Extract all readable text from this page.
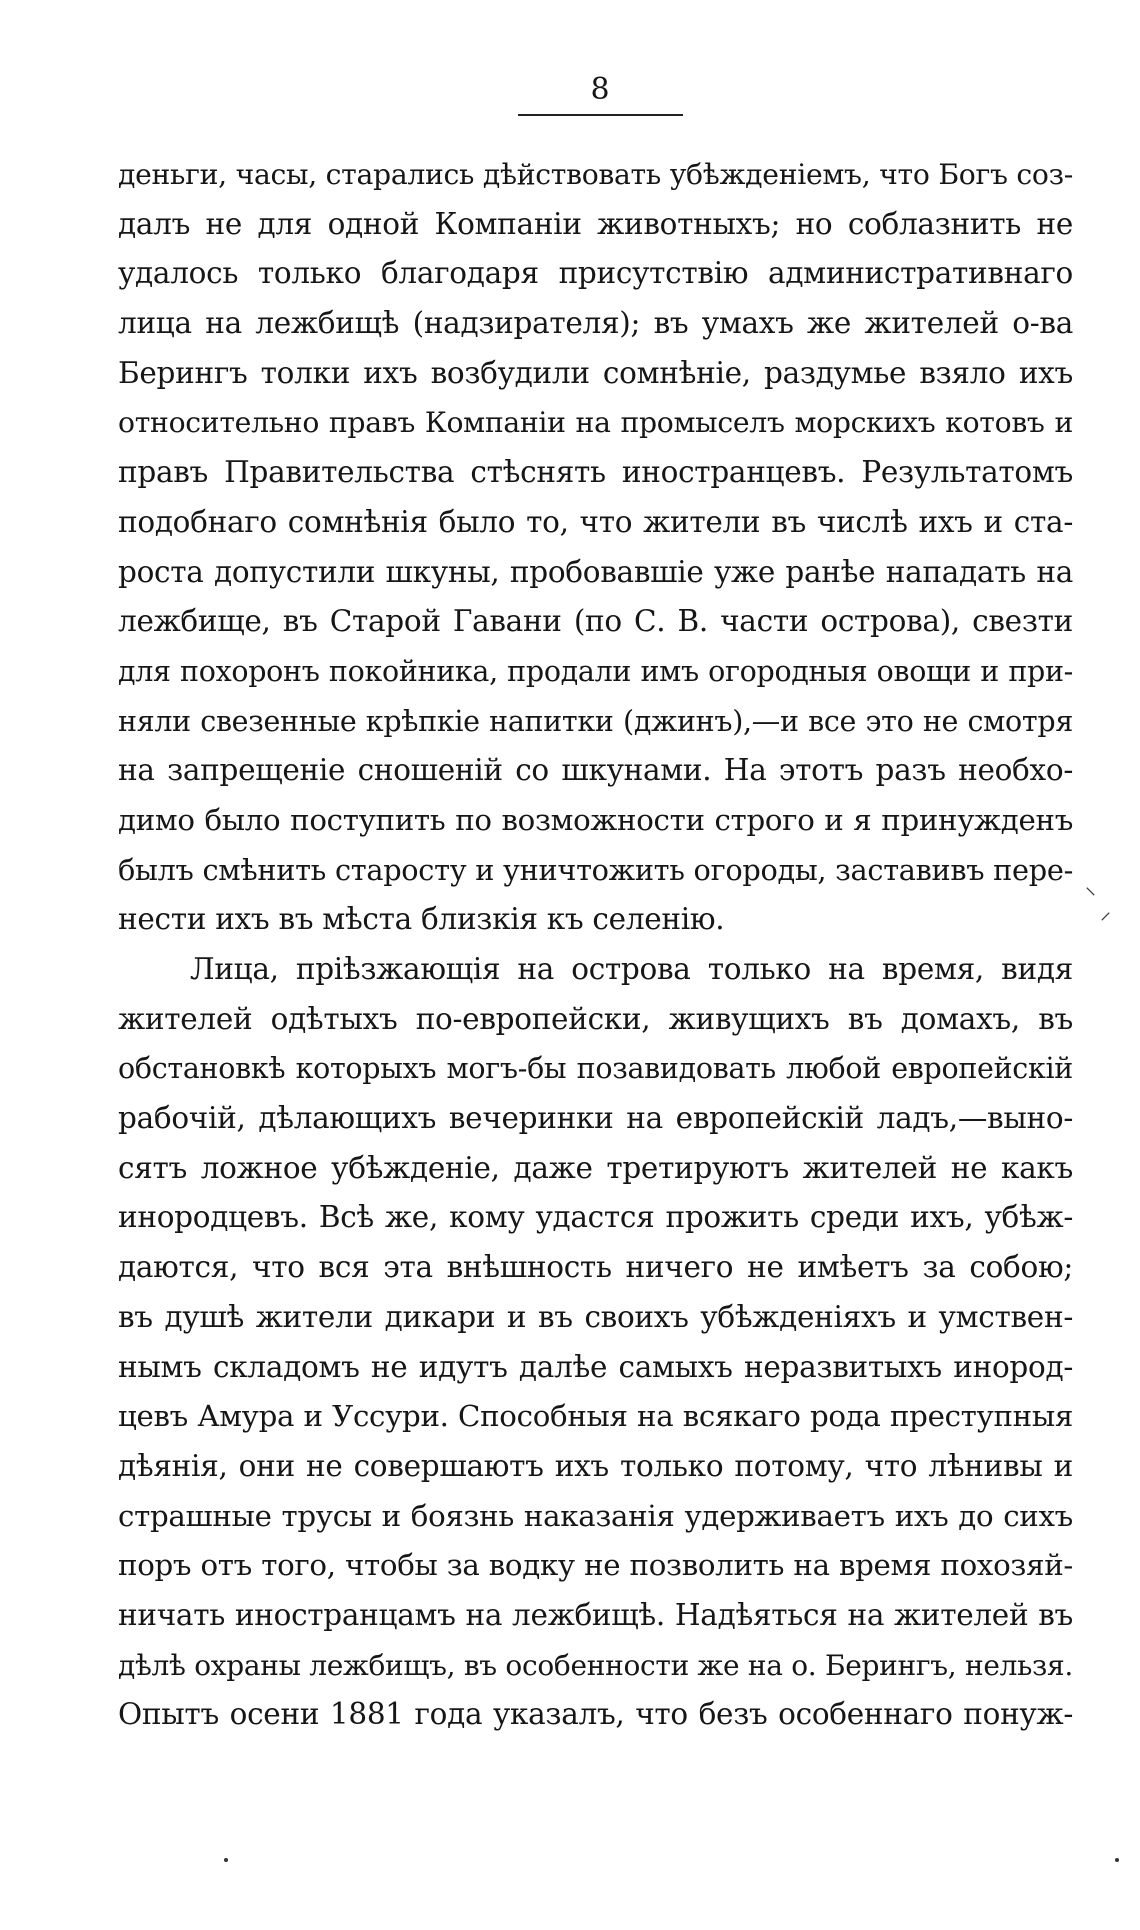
8
деньги, часы, старались дѣйствовать убѣжденіемъ, что Богъ соз-
далъ не для одной Компаніи животныхъ; но соблазнить не
удалось только благодаря присутствію административнаго
лица на лежбищѣ (надзирателя); въ умахъ же жителей о-ва
Берингъ толки ихъ возбудили сомнѣніе, раздумье взяло ихъ
относительно правъ Компаніи на промыселъ морскихъ котовъ и
правъ Правительства стѣснять иностранцевъ. Результатомъ
подобнаго сомнѣнія было то, что жители въ числѣ ихъ и ста-
роста допустили шкуны, пробовавшіе уже ранѣе нападать на
лежбище, въ Старой Гавани (по С. В. части острова), свезти
для похоронъ покойника, продали имъ огородныя овощи и при-
няли свезенные крѣпкіе напитки (джинъ),—и все это не смотря
на запрещеніе сношеній со шкунами. На этотъ разъ необхо-
димо было поступить по возможности строго и я принужденъ
былъ смѣнить старосту и уничтожить огороды, заставивъ пере-
нести ихъ въ мѣста близкія къ селенію.
Лица, пріѣзжающія на острова только на время, видя
жителей одѣтыхъ по-европейски, живущихъ въ домахъ, въ
обстановкѣ которыхъ могъ-бы позавидовать любой европейскій
рабочій, дѣлающихъ вечеринки на европейскій ладъ,—выно-
сятъ ложное убѣжденіе, даже третируютъ жителей не какъ
инородцевъ. Всѣ же, кому удастся прожить среди ихъ, убѣж-
даются, что вся эта внѣшность ничего не имѣетъ за собою;
въ душѣ жители дикари и въ своихъ убѣжденіяхъ и умствен-
нымъ складомъ не идутъ далѣе самыхъ неразвитыхъ инород-
цевъ Амура и Уссури. Способныя на всякаго рода преступныя
дѣянія, они не совершаютъ ихъ только потому, что лѣнивы и
страшные трусы и боязнь наказанія удерживаетъ ихъ до сихъ
поръ отъ того, чтобы за водку не позволить на время похозяй-
ничать иностранцамъ на лежбищѣ. Надѣяться на жителей въ
дѣлѣ охраны лежбищъ, въ особенности же на о. Берингъ, нельзя.
Опытъ осени 1881 года указалъ, что безъ особеннаго понуж-
⸌
⸍
